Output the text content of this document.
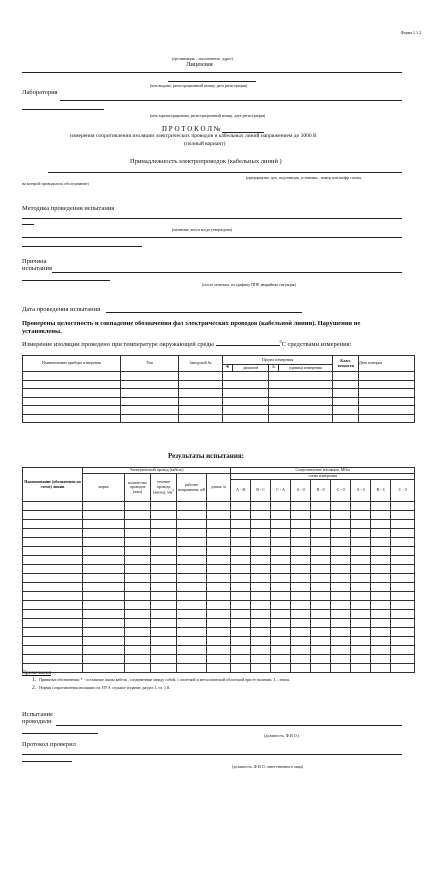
Форма 1.1.2.
(организация – исполнитель, адрес)
Лицензия
(кем выдана, регистрационный номер, дата регистрации)
Лаборатория
(кем зарегистрирована, регистрационный номер, дата регистрации)
П Р О Т О К О Л №
измерения сопротивления изоляции электрических проводов и кабельных линий напряжением до 3000 В
(полный вариант)
Принадлежность электропроводок (кабельных линий )
(предприятие, цех, подстанция, установка , номер или шифр схемы,
на которой проводилось обследование)
Методика проведения испытания
(название, кем и когда утверждена)
Причина
испытания
(после монтажа, по графику ППР, аварийная ситуация)
Дата проведения испытания
Проверены целостность и совпадение обозначения фаз электрических проводов (кабельной линии). Нарушения не установлены.
Измерение изоляции проведено при температуре окружающей среды	$^0$С средствами измерения:
Наименование прибора измерения	Тип	Заводской №	Предел измерения				Класс точности	Дата поверки
			4	диапазон	5	единица измерения		

Результаты испытания:
Наименование (обозначение на схеме) линии	Электрический провод (кабель)					Сопротивление изоляции, МОм								
	марка	количество проводов (жил)	сечение провода (жилы), $мм^2$	рабочее напряжение, кВ	длина, м	схема измерения								
						А - В	В - С	С - А	А - 0	В - 0	С - 0	А - З	В - З	С - З

Примечания
1. Принятые обозначения: * - остальные жилы кабеля , соединенные между собой, с оплеткой и металлической оболочкой при ее наличии, З – земля.
2. Нормы сопротивления изоляции см. ПУЭ, седьмое издание, раздел 1, гл. 1.8.
Испытание
проводили
(должность, Ф.И.О.)
Протокол проверил
(должность, Ф.И.О. ответственного лица)
